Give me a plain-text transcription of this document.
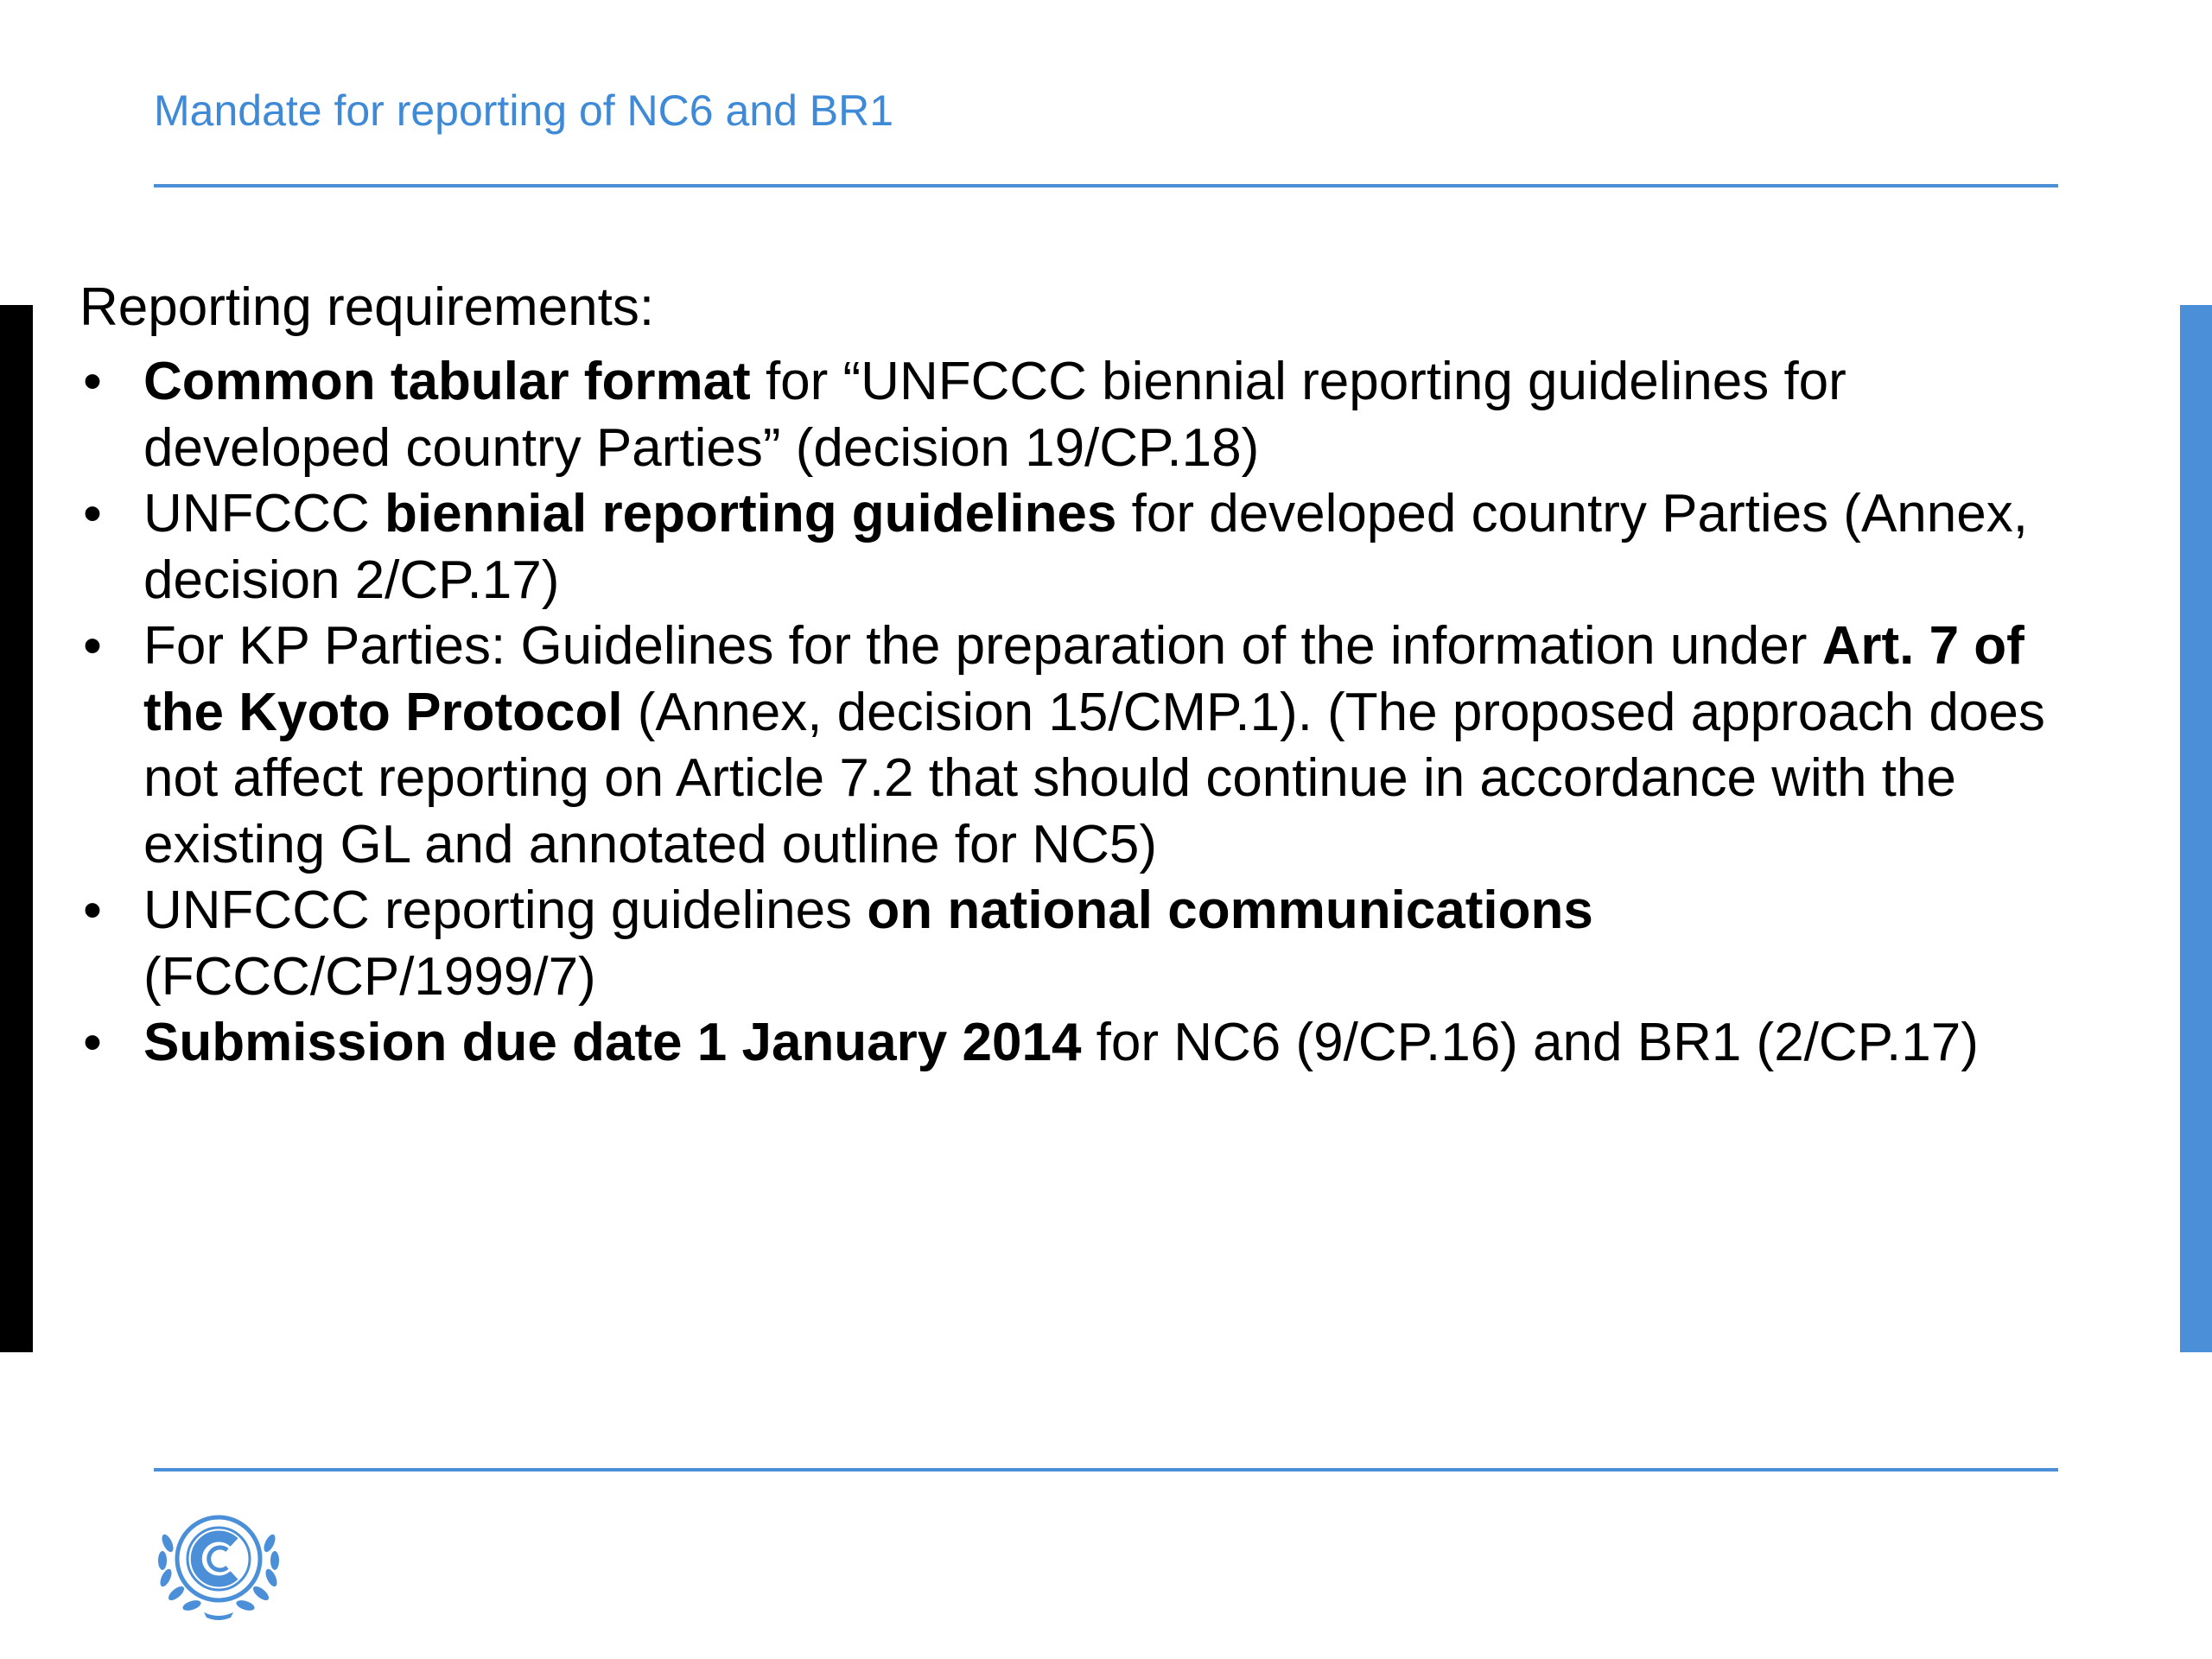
Mandate for reporting of NC6 and BR1

Reporting requirements:

• Common tabular format for “UNFCCC biennial reporting guidelines for
developed country Parties” (decision 19/CP.18)
• UNFCCC biennial reporting guidelines for developed country Parties (Annex,
decision 2/CP.17)
• For KP Parties: Guidelines for the preparation of the information under Art. 7 of
the Kyoto Protocol (Annex, decision 15/CMP.1). (The proposed approach does
not affect reporting on Article 7.2 that should continue in accordance with the
existing GL and annotated outline for NC5)
• UNFCCC reporting guidelines on national communications
(FCCC/CP/1999/7)
• Submission due date 1 January 2014 for NC6 (9/CP.16) and BR1 (2/CP.17)
